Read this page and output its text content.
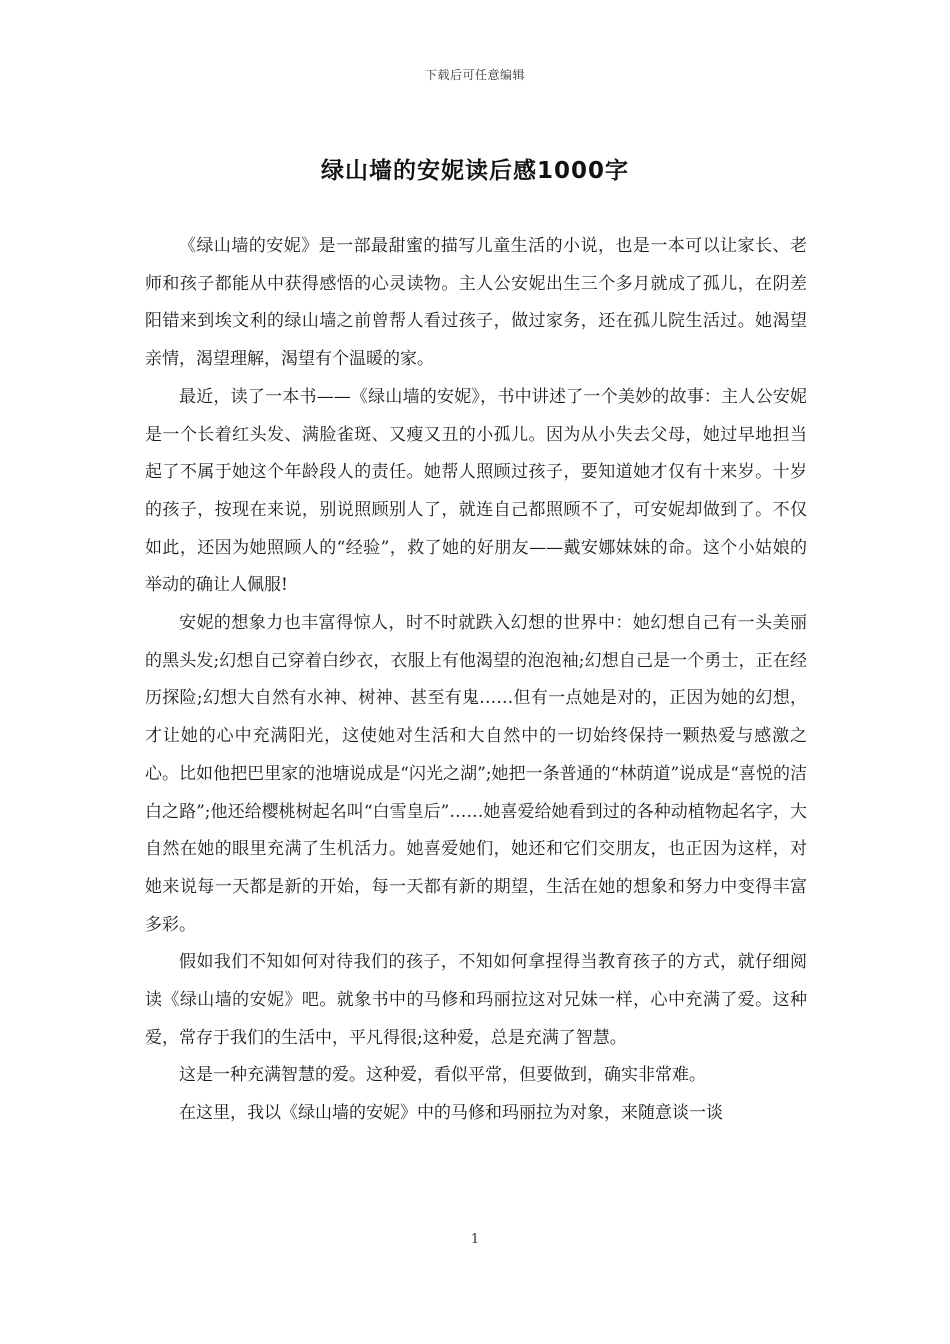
下载后可任意编辑
绿山墙的安妮读后感1000字

《绿山墙的安妮》是一部最甜蜜的描写儿童生活的小说，也是一本可以让家长、老师和孩子都能从中获得感悟的心灵读物。主人公安妮出生三个多月就成了孤儿，在阴差阳错来到埃文利的绿山墙之前曾帮人看过孩子，做过家务，还在孤儿院生活过。她渴望亲情，渴望理解，渴望有个温暖的家。

最近，读了一本书——《绿山墙的安妮》，书中讲述了一个美妙的故事：主人公安妮是一个长着红头发、满脸雀斑、又瘦又丑的小孤儿。因为从小失去父母，她过早地担当起了不属于她这个年龄段人的责任。她帮人照顾过孩子，要知道她才仅有十来岁。十岁的孩子，按现在来说，别说照顾别人了，就连自己都照顾不了，可安妮却做到了。不仅如此，还因为她照顾人的“经验”，救了她的好朋友——戴安娜妹妹的命。这个小姑娘的举动的确让人佩服!

安妮的想象力也丰富得惊人，时不时就跌入幻想的世界中：她幻想自己有一头美丽的黑头发;幻想自己穿着白纱衣，衣服上有他渴望的泡泡袖;幻想自己是一个勇士，正在经历探险;幻想大自然有水神、树神、甚至有鬼……但有一点她是对的，正因为她的幻想，才让她的心中充满阳光，这使她对生活和大自然中的一切始终保持一颗热爱与感激之心。比如他把巴里家的池塘说成是“闪光之湖”;她把一条普通的“林荫道”说成是“喜悦的洁白之路”;他还给樱桃树起名叫“白雪皇后”……她喜爱给她看到过的各种动植物起名字，大自然在她的眼里充满了生机活力。她喜爱她们，她还和它们交朋友，也正因为这样，对她来说每一天都是新的开始，每一天都有新的期望，生活在她的想象和努力中变得丰富多彩。

假如我们不知如何对待我们的孩子，不知如何拿捏得当教育孩子的方式，就仔细阅读《绿山墙的安妮》吧。就象书中的马修和玛丽拉这对兄妹一样，心中充满了爱。这种爱，常存于我们的生活中，平凡得很;这种爱，总是充满了智慧。

这是一种充满智慧的爱。这种爱，看似平常，但要做到，确实非常难。

在这里，我以《绿山墙的安妮》中的马修和玛丽拉为对象，来随意谈一谈

1
